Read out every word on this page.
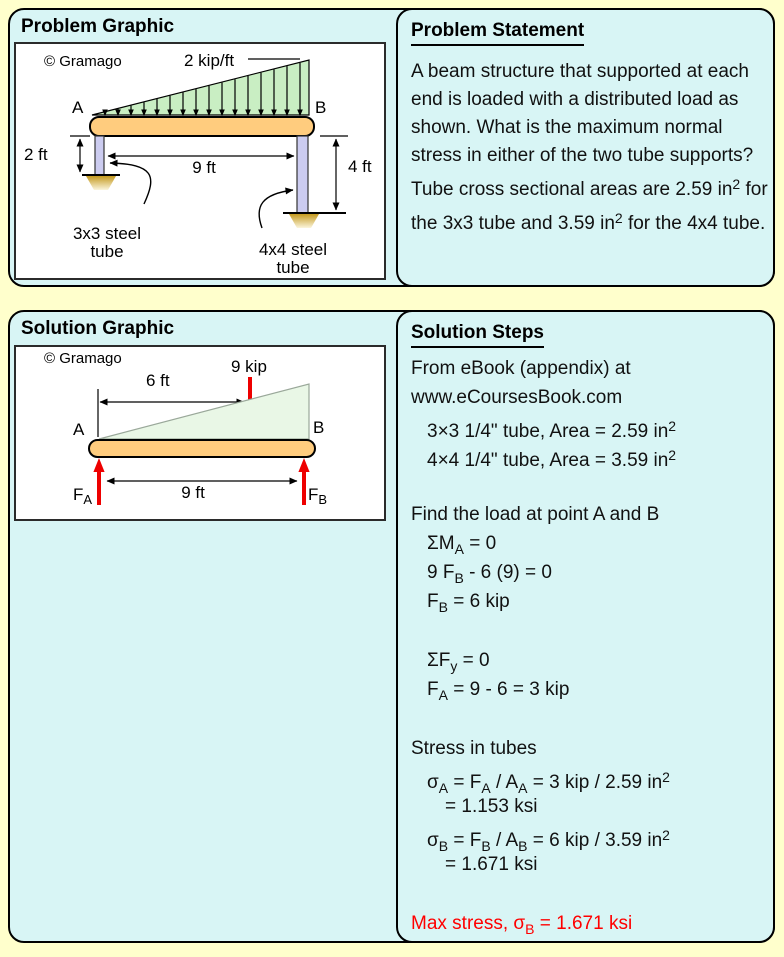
Problem Graphic
© Gramago	2 kip/ft
A	B
2 ft
9 ft	4 ft
3x3 steel
tube	4x4 steel
tube
Problem Statement

A beam structure that supported at each end is loaded with a distributed load as shown. What is the maximum normal stress in either of the two tube supports? Tube cross sectional areas are 2.59 $in^2$ for the 3x3 tube and 3.59 $in^2$ for the 4x4 tube.

Solution Graphic
© Gramago	9 kip
6 ft
A	B
$F_A$	$F_B$
9 ft
Solution Steps
From eBook (appendix) at
www.eCoursesBook.com
3×3 1/4" tube, Area = 2.59 $in^2$
4×4 1/4" tube, Area = 3.59 $in^2$
Find the load at point A and B
$\Sigma M_A = 0$
9 $F_B - 6$ (9) = 0
$F_B = 6$ kip
$\Sigma F_y = 0$
$F_A = 9 - 6 = 3$ kip
Stress in tubes
$\sigma_A = F_A / A_A = 3$ kip / 2.59 $in^2$
= 1.153 ksi
$\sigma_B = F_B / A_B = 6$ kip / 3.59 $in^2$
= 1.671 ksi
Max stress, $\sigma_B = 1.671$ ksi
